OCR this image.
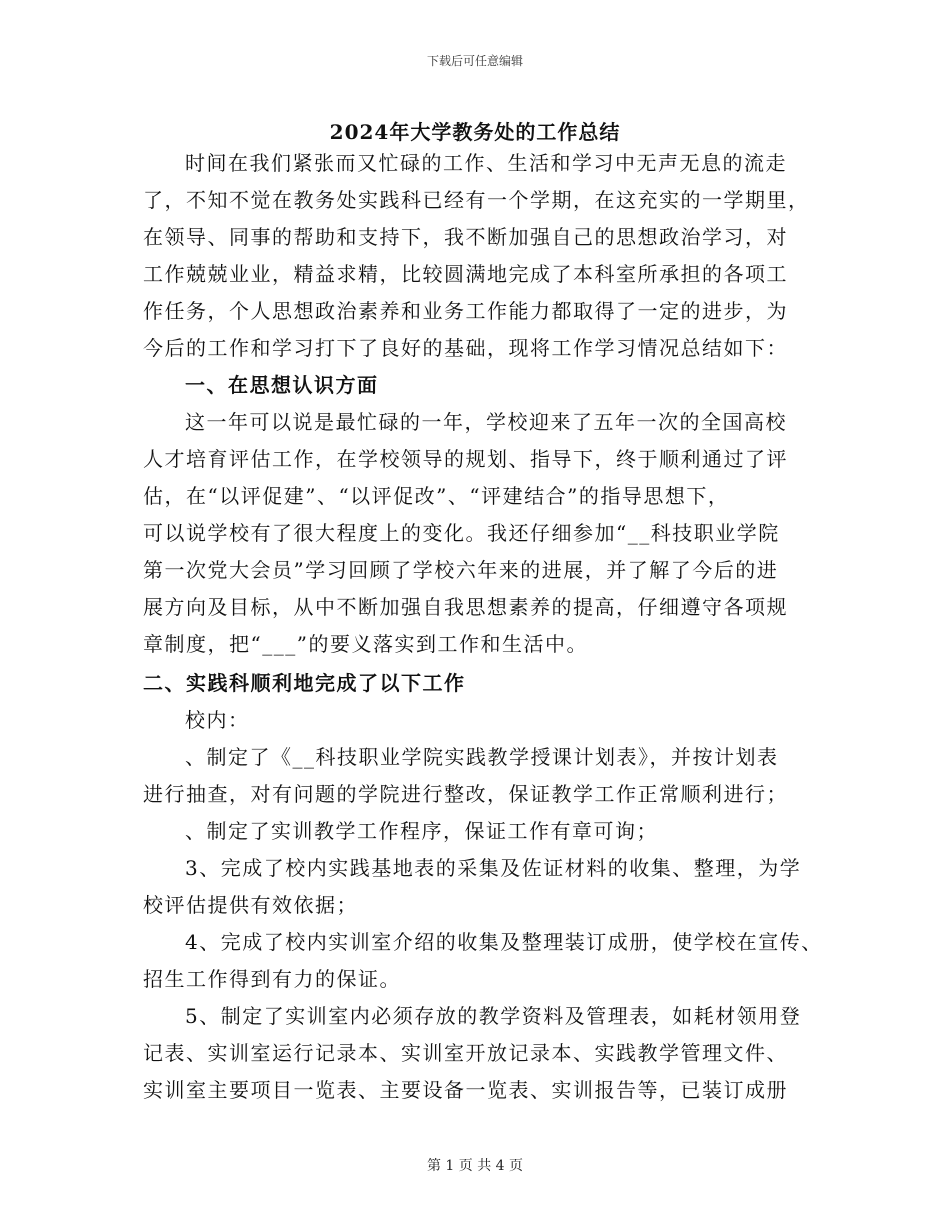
下载后可任意编辑
2024年大学教务处的工作总结
时间在我们紧张而又忙碌的工作、生活和学习中无声无息的流走
了，不知不觉在教务处实践科已经有一个学期，在这充实的一学期里，
在领导、同事的帮助和支持下，我不断加强自己的思想政治学习，对
工作兢兢业业，精益求精，比较圆满地完成了本科室所承担的各项工
作任务，个人思想政治素养和业务工作能力都取得了一定的进步，为
今后的工作和学习打下了良好的基础，现将工作学习情况总结如下：
一、在思想认识方面
这一年可以说是最忙碌的一年，学校迎来了五年一次的全国高校
人才培育评估工作，在学校领导的规划、指导下，终于顺利通过了评
估，在“以评促建”、“以评促改”、“评建结合”的指导思想下，
可以说学校有了很大程度上的变化。我还仔细参加“__科技职业学院
第一次党大会员”学习回顾了学校六年来的进展，并了解了今后的进
展方向及目标，从中不断加强自我思想素养的提高，仔细遵守各项规
章制度，把“___”的要义落实到工作和生活中。
二、实践科顺利地完成了以下工作
校内：
、制定了《__科技职业学院实践教学授课计划表》，并按计划表
进行抽查，对有问题的学院进行整改，保证教学工作正常顺利进行；
、制定了实训教学工作程序，保证工作有章可询；
3、完成了校内实践基地表的采集及佐证材料的收集、整理，为学
校评估提供有效依据；
4、完成了校内实训室介绍的收集及整理装订成册，使学校在宣传、
招生工作得到有力的保证。
5、制定了实训室内必须存放的教学资料及管理表，如耗材领用登
记表、实训室运行记录本、实训室开放记录本、实践教学管理文件、
实训室主要项目一览表、主要设备一览表、实训报告等，已装订成册
第 1 页 共 4 页
